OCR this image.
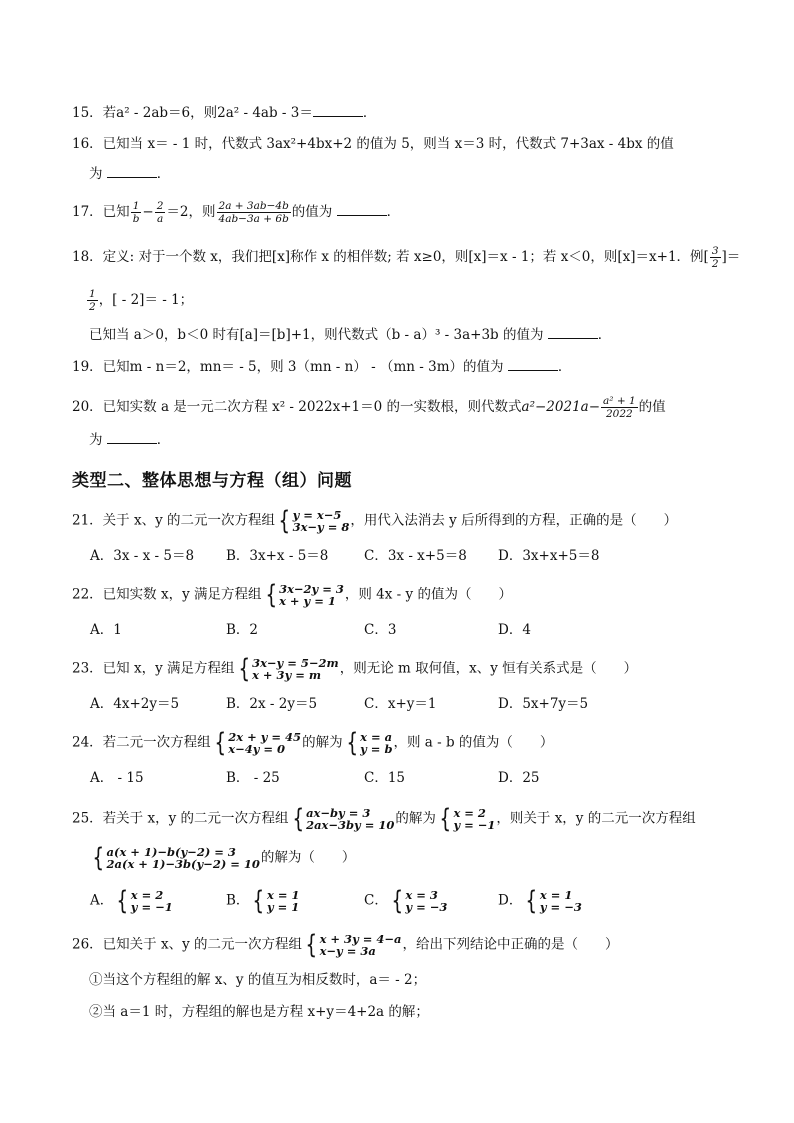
15．若a² - 2ab＝6，则2a² - 4ab - 3＝	．
16．已知当 x＝ - 1 时，代数式 3ax²+4bx+2 的值为 5，则当 x＝3 时，代数式 7+3ax - 4bx 的值
为	．
17．已知 $\frac{1}{b} - \frac{2}{a} =2$，则 $\frac{2a + 3ab-4b}{4ab-3a + 6b}$ 的值为	．
18．定义: 对于一个数 x，我们把[x]称作 x 的相伴数; 若 x≥0，则[x]＝x - 1；若 x＜0，则[x]＝x+1．例[ $\frac{3}{2}$ ]＝
$\frac{1}{2}$ ，[ - 2]＝ - 1；
已知当 a＞0，b＜0 时有[a]＝[b]+1，则代数式（b - a）³ - 3a+3b 的值为	．
19．已知m - n＝2，mn＝ - 5，则 3（mn - n） - （mn - 3m）的值为	．
20．已知实数 a 是一元二次方程 x² - 2022x+1＝0 的一实数根，则代数式$a^2-2021a- \frac{\text{a² + 1}}{2022}$ 的值
为	．
类型二、整体思想与方程（组）问题
21．关于 x、y 的二元一次方程组 { y = x−5
3x−y = 8 ，用代入法消去 y 后所得到的方程，正确的是（　　）
A．3x - x - 5＝8 B．3x+x - 5＝8	C．3x - x+5＝8 D．3x+x+5＝8
22．已知实数 x，y 满足方程组 { 3x−2y = 3
x + y = 1 ，则 4x - y 的值为（　　）
A．1	B．2	C．3	D．4
23．已知 x，y 满足方程组 { 3x−y = 5−2m
x + 3y = m	，则无论 m 取何值，x、y 恒有关系式是（　　）
A．4x+2y＝5	B．2x - 2y＝5	C．x+y＝1	D．5x+7y＝5
24．若二元一次方程组 { 2x + y = 45
x−4y = 0	的解为 { x = a
y = b ，则 a - b 的值为（　　）
A． - 15	B． - 25	C．15	D．25
25．若关于 x，y 的二元一次方程组 { ax−by = 3
2ax−3by = 10 的解为 { x = 2
y = −1 ，则关于 x，y 的二元一次方程组
{ a(x + 1)−b(y−2) = 3
2a(x + 1)−3b(y−2) = 10 的解为（　　）
A． { x = 2
y = −1	B． { x = 1
y = 1	C． { x = 3
y = −3	D． { x = 1
y = −3
26．已知关于 x、y 的二元一次方程组 { x + 3y = 4−a
x−y = 3a	，给出下列结论中正确的是（　　）
①当这个方程组的解 x、y 的值互为相反数时，a＝ - 2；
②当 a＝1 时，方程组的解也是方程 x+y＝4+2a 的解；
